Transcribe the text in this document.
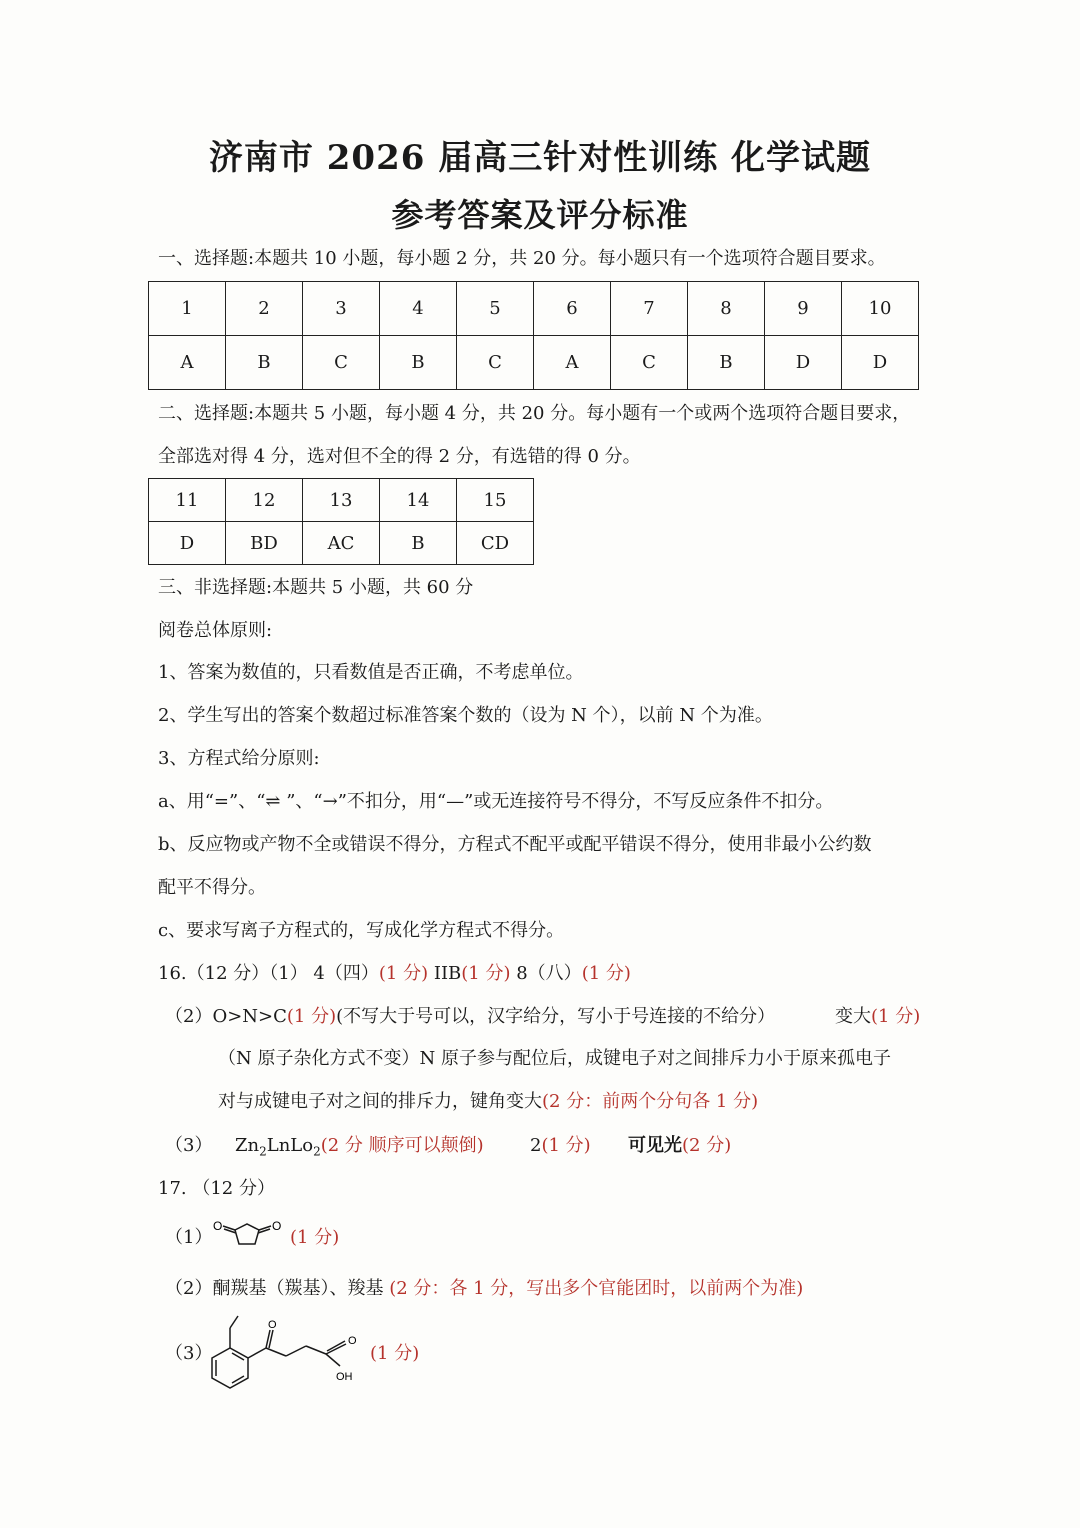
济南市 2026 届高三针对性训练 化学试题
参考答案及评分标准
一、选择题:本题共 10 小题，每小题 2 分，共 20 分。每小题只有一个选项符合题目要求。
1	2	3	4	5	6	7	8	9	10
A	B	C	B	C	A	C	B	D	D
二、选择题:本题共 5 小题，每小题 4 分，共 20 分。每小题有一个或两个选项符合题目要求，
全部选对得 4 分，选对但不全的得 2 分，有选错的得 0 分。
11	12	13	14	15
D	BD	AC	B	CD
三、非选择题:本题共 5 小题，共 60 分
阅卷总体原则:
1、答案为数值的，只看数值是否正确，不考虑单位。
2、学生写出的答案个数超过标准答案个数的（设为 N 个），以前 N 个为准。
3、方程式给分原则:
a、用“=”、“⇌ ”、“→”不扣分，用“—”或无连接符号不得分，不写反应条件不扣分。
b、反应物或产物不全或错误不得分，方程式不配平或配平错误不得分，使用非最小公约数
配平不得分。
c、要求写离子方程式的，写成化学方程式不得分。
16.（12 分）（1） 4（四）(1 分) IIB(1 分) 8（八）(1 分)
（2）O>N>C(1 分)(不写大于号可以，汉字给分，写小于号连接的不给分）	变大(1 分)
（N 原子杂化方式不变）N 原子参与配位后，成键电子对之间排斥力小于原来孤电子
对与成键电子对之间的排斥力，键角变大(2 分：前两个分句各 1 分)
（3） $Zn_2LnLo_2(2$ 分 顺序可以颠倒)	2(1 分) 可见光(2 分)
17. （12 分）
（1）
O	O
(1 分)
（2）酮羰基（羰基）、羧基 (2 分：各 1 分，写出多个官能团时，以前两个为准)
（3）
O
O
OH
(1 分)
